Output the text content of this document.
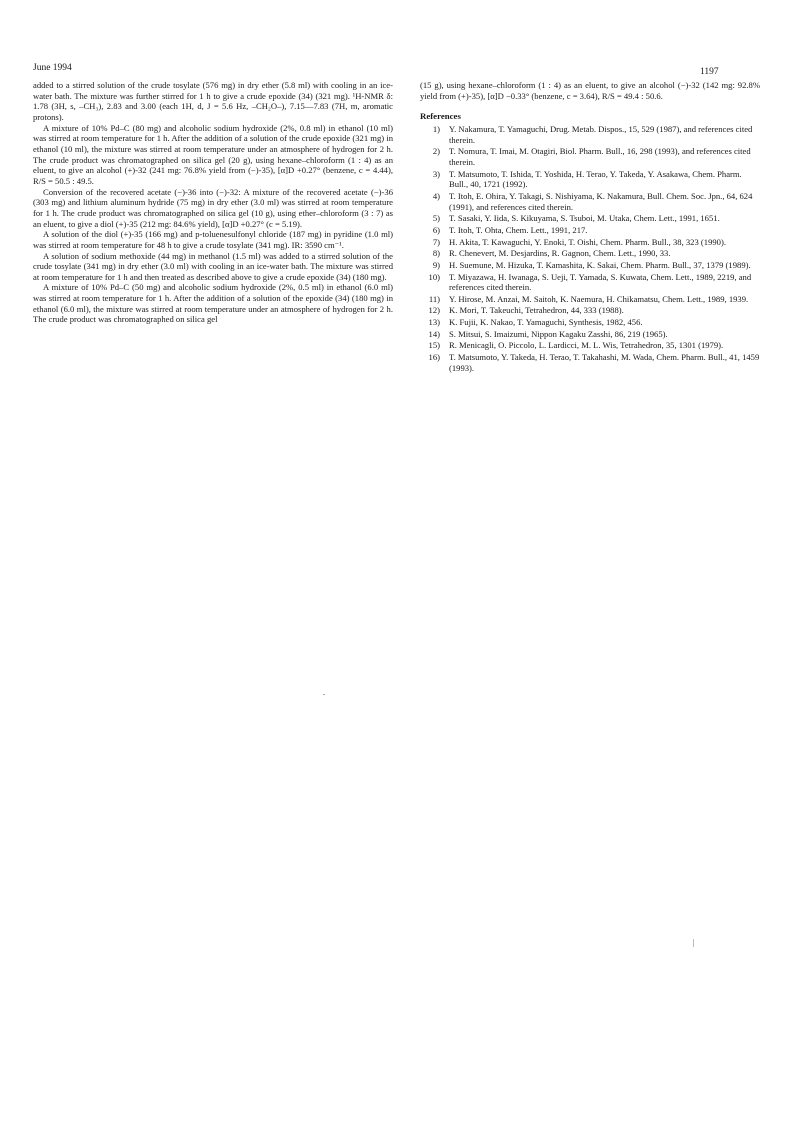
June 1994	1197

added to a stirred solution of the crude tosylate (576 mg) in dry ether (5.8 ml) with cooling in an ice-water bath. The mixture was further stirred for 1 h to give a crude epoxide (34) (321 mg). ¹H-NMR δ: 1.78 (3H, s, –CH₃), 2.83 and 3.00 (each 1H, d, J = 5.6 Hz, –CH₂O–), 7.15—7.83 (7H, m, aromatic protons).

A mixture of 10% Pd–C (80 mg) and alcoholic sodium hydroxide (2%, 0.8 ml) in ethanol (10 ml) was stirred at room temperature for 1 h. After the addition of a solution of the crude epoxide (321 mg) in ethanol (10 ml), the mixture was stirred at room temperature under an atmosphere of hydrogen for 2 h. The crude product was chromatographed on silica gel (20 g), using hexane–chloroform (1 : 4) as an eluent, to give an alcohol (+)-32 (241 mg: 76.8% yield from (−)-35), [α]D +0.27° (benzene, c = 4.44), R/S = 50.5 : 49.5.

Conversion of the recovered acetate (−)-36 into (−)-32: A mixture of the recovered acetate (−)-36 (303 mg) and lithium aluminum hydride (75 mg) in dry ether (3.0 ml) was stirred at room temperature for 1 h. The crude product was chromatographed on silica gel (10 g), using ether–chloroform (3 : 7) as an eluent, to give a diol (+)-35 (212 mg: 84.6% yield), [α]D +0.27° (c = 5.19).

A solution of the diol (+)-35 (166 mg) and p-toluenesulfonyl chloride (187 mg) in pyridine (1.0 ml) was stirred at room temperature for 48 h to give a crude tosylate (341 mg). IR: 3590 cm⁻¹.

A solution of sodium methoxide (44 mg) in methanol (1.5 ml) was added to a stirred solution of the crude tosylate (341 mg) in dry ether (3.0 ml) with cooling in an ice-water bath. The mixture was stirred at room temperature for 1 h and then treated as described above to give a crude epoxide (34) (180 mg).

A mixture of 10% Pd–C (50 mg) and alcoholic sodium hydroxide (2%, 0.5 ml) in ethanol (6.0 ml) was stirred at room temperature for 1 h. After the addition of a solution of the epoxide (34) (180 mg) in ethanol (6.0 ml), the mixture was stirred at room temperature under an atmosphere of hydrogen for 2 h. The crude product was chromatographed on silica gel

(15 g), using hexane–chloroform (1 : 4) as an eluent, to give an alcohol (−)-32 (142 mg: 92.8% yield from (+)-35), [α]D −0.33° (benzene, c = 3.64), R/S = 49.4 : 50.6.

References
1)	Y. Nakamura, T. Yamaguchi, Drug. Metab. Dispos., 15, 529 (1987), and references cited therein.
2)	T. Nomura, T. Imai, M. Otagiri, Biol. Pharm. Bull., 16, 298 (1993), and references cited therein.
3)	T. Matsumoto, T. Ishida, T. Yoshida, H. Terao, Y. Takeda, Y. Asakawa, Chem. Pharm. Bull., 40, 1721 (1992).
4)	T. Itoh, E. Ohira, Y. Takagi, S. Nishiyama, K. Nakamura, Bull. Chem. Soc. Jpn., 64, 624 (1991), and references cited therein.
5)	T. Sasaki, Y. Iida, S. Kikuyama, S. Tsuboi, M. Utaka, Chem. Lett., 1991, 1651.
6)	T. Itoh, T. Ohta, Chem. Lett., 1991, 217.
7)	H. Akita, T. Kawaguchi, Y. Enoki, T. Oishi, Chem. Pharm. Bull., 38, 323 (1990).
8)	R. Chenevert, M. Desjardins, R. Gagnon, Chem. Lett., 1990, 33.
9)	H. Suemune, M. Hizuka, T. Kamashita, K. Sakai, Chem. Pharm. Bull., 37, 1379 (1989).
10)	T. Miyazawa, H. Iwanaga, S. Ueji, T. Yamada, S. Kuwata, Chem. Lett., 1989, 2219, and references cited therein.
11)	Y. Hirose, M. Anzai, M. Saitoh, K. Naemura, H. Chikamatsu, Chem. Lett., 1989, 1939.
12)	K. Mori, T. Takeuchi, Tetrahedron, 44, 333 (1988).
13)	K. Fujii, K. Nakao, T. Yamaguchi, Synthesis, 1982, 456.
14)	S. Mitsui, S. Imaizumi, Nippon Kagaku Zasshi, 86, 219 (1965).
15)	R. Menicagli, O. Piccolo, L. Lardicci, M. L. Wis, Tetrahedron, 35, 1301 (1979).
16)	T. Matsumoto, Y. Takeda, H. Terao, T. Takahashi, M. Wada, Chem. Pharm. Bull., 41, 1459 (1993).
